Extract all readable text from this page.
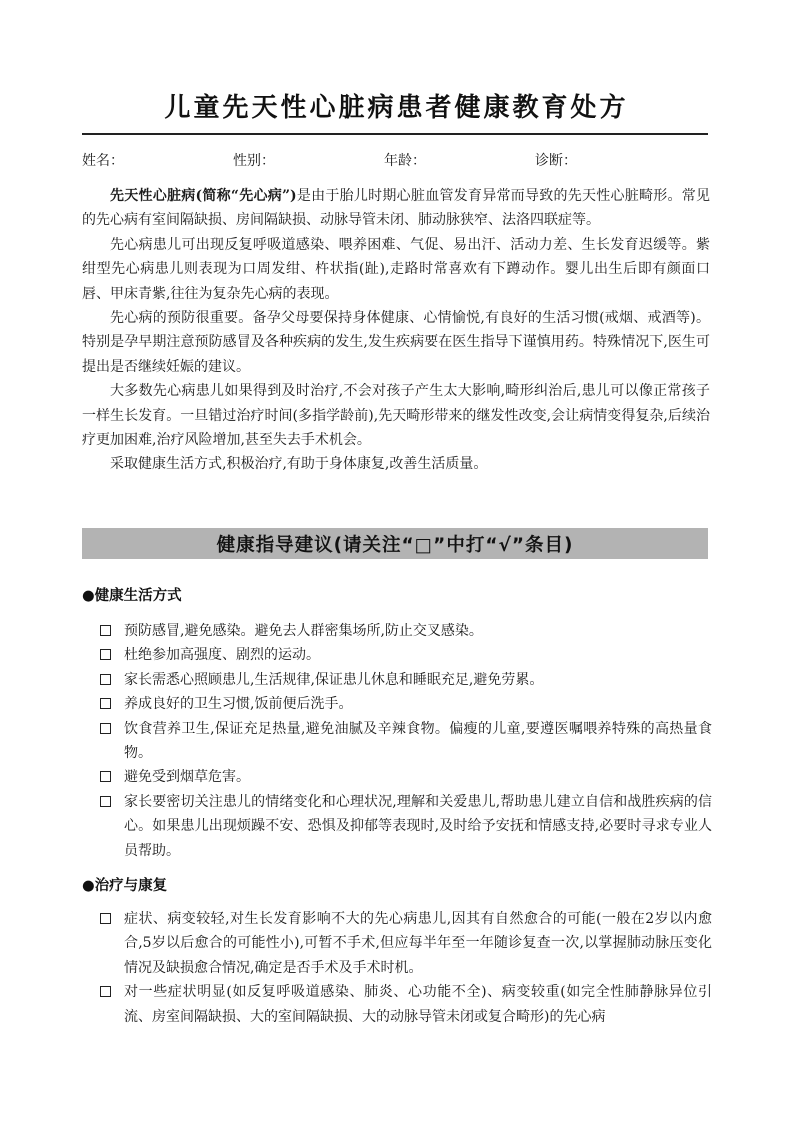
儿童先天性心脏病患者健康教育处方
姓名：	性别：	年龄：	诊断：

先天性心脏病(简称“先心病”)是由于胎儿时期心脏血管发育异常而导致的先天性心脏畸形。常见的先心病有室间隔缺损、房间隔缺损、动脉导管未闭、肺动脉狭窄、法洛四联症等。

先心病患儿可出现反复呼吸道感染、喂养困难、气促、易出汗、活动力差、生长发育迟缓等。紫绀型先心病患儿则表现为口周发绀、杵状指(趾),走路时常喜欢有下蹲动作。婴儿出生后即有颜面口唇、甲床青紫,往往为复杂先心病的表现。

先心病的预防很重要。备孕父母要保持身体健康、心情愉悦,有良好的生活习惯(戒烟、戒酒等)。特别是孕早期注意预防感冒及各种疾病的发生,发生疾病要在医生指导下谨慎用药。特殊情况下,医生可提出是否继续妊娠的建议。

大多数先心病患儿如果得到及时治疗,不会对孩子产生太大影响,畸形纠治后,患儿可以像正常孩子一样生长发育。一旦错过治疗时间(多指学龄前),先天畸形带来的继发性改变,会让病情变得复杂,后续治疗更加困难,治疗风险增加,甚至失去手术机会。

采取健康生活方式,积极治疗,有助于身体康复,改善生活质量。

健康指导建议(请关注“□”中打“√”条目)
●健康生活方式
预防感冒,避免感染。避免去人群密集场所,防止交叉感染。
杜绝参加高强度、剧烈的运动。
家长需悉心照顾患儿,生活规律,保证患儿休息和睡眠充足,避免劳累。
养成良好的卫生习惯,饭前便后洗手。
饮食营养卫生,保证充足热量,避免油腻及辛辣食物。偏瘦的儿童,要遵医嘱喂养特殊的高热量食物。
避免受到烟草危害。
家长要密切关注患儿的情绪变化和心理状况,理解和关爱患儿,帮助患儿建立自信和战胜疾病的信心。如果患儿出现烦躁不安、恐惧及抑郁等表现时,及时给予安抚和情感支持,必要时寻求专业人员帮助。
●治疗与康复
症状、病变较轻,对生长发育影响不大的先心病患儿,因其有自然愈合的可能(一般在2岁以内愈合,5岁以后愈合的可能性小),可暂不手术,但应每半年至一年随诊复查一次,以掌握肺动脉压变化情况及缺损愈合情况,确定是否手术及手术时机。
对一些症状明显(如反复呼吸道感染、肺炎、心功能不全)、病变较重(如完全性肺静脉异位引流、房室间隔缺损、大的室间隔缺损、大的动脉导管未闭或复合畸形)的先心病
